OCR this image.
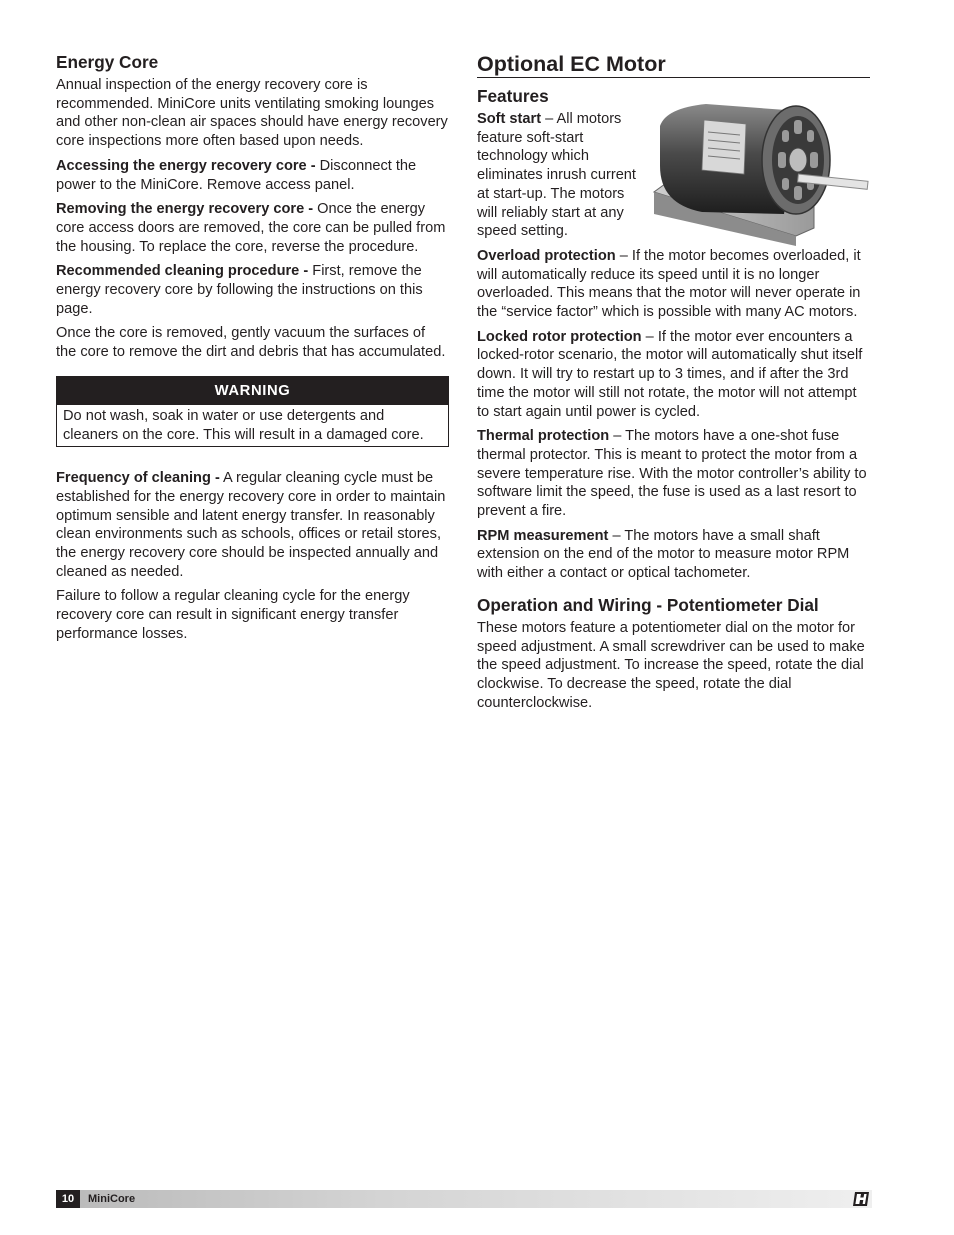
Energy Core

Annual inspection of the energy recovery core is recommended. MiniCore units ventilating smoking lounges and other non-clean air spaces should have energy recovery core inspections more often based upon needs.

Accessing the energy recovery core - Disconnect the power to the MiniCore. Remove access panel.

Removing the energy recovery core - Once the energy core access doors are removed, the core can be pulled from the housing. To replace the core, reverse the procedure.

Recommended cleaning procedure - First, remove the energy recovery core by following the instructions on this page.

Once the core is removed, gently vacuum the surfaces of the core to remove the dirt and debris that has accumulated.

WARNING
Do not wash, soak in water or use detergents and cleaners on the core. This will result in a damaged core.

Frequency of cleaning - A regular cleaning cycle must be established for the energy recovery core in order to maintain optimum sensible and latent energy transfer. In reasonably clean environments such as schools, offices or retail stores, the energy recovery core should be inspected annually and cleaned as needed.

Failure to follow a regular cleaning cycle for the energy recovery core can result in significant energy transfer performance losses.

Optional EC Motor
Features

Soft start – All motors feature soft-start technology which eliminates inrush current at start-up. The motors will reliably start at any speed setting.

Overload protection – If the motor becomes overloaded, it will automatically reduce its speed until it is no longer overloaded. This means that the motor will never operate in the “service factor” which is possible with many AC motors.

Locked rotor protection – If the motor ever encounters a locked-rotor scenario, the motor will automatically shut itself down. It will try to restart up to 3 times, and if after the 3rd time the motor will still not rotate, the motor will not attempt to start again until power is cycled.

Thermal protection – The motors have a one-shot fuse thermal protector. This is meant to protect the motor from a severe temperature rise. With the motor controller’s ability to software limit the speed, the fuse is used as a last resort to prevent a fire.

RPM measurement – The motors have a small shaft extension on the end of the motor to measure motor RPM with either a contact or optical tachometer.

Operation and Wiring - Potentiometer Dial

These motors feature a potentiometer dial on the motor for speed adjustment. A small screwdriver can be used to make the speed adjustment. To increase the speed, rotate the dial clockwise. To decrease the speed, rotate the dial counterclockwise.

10	MiniCore
